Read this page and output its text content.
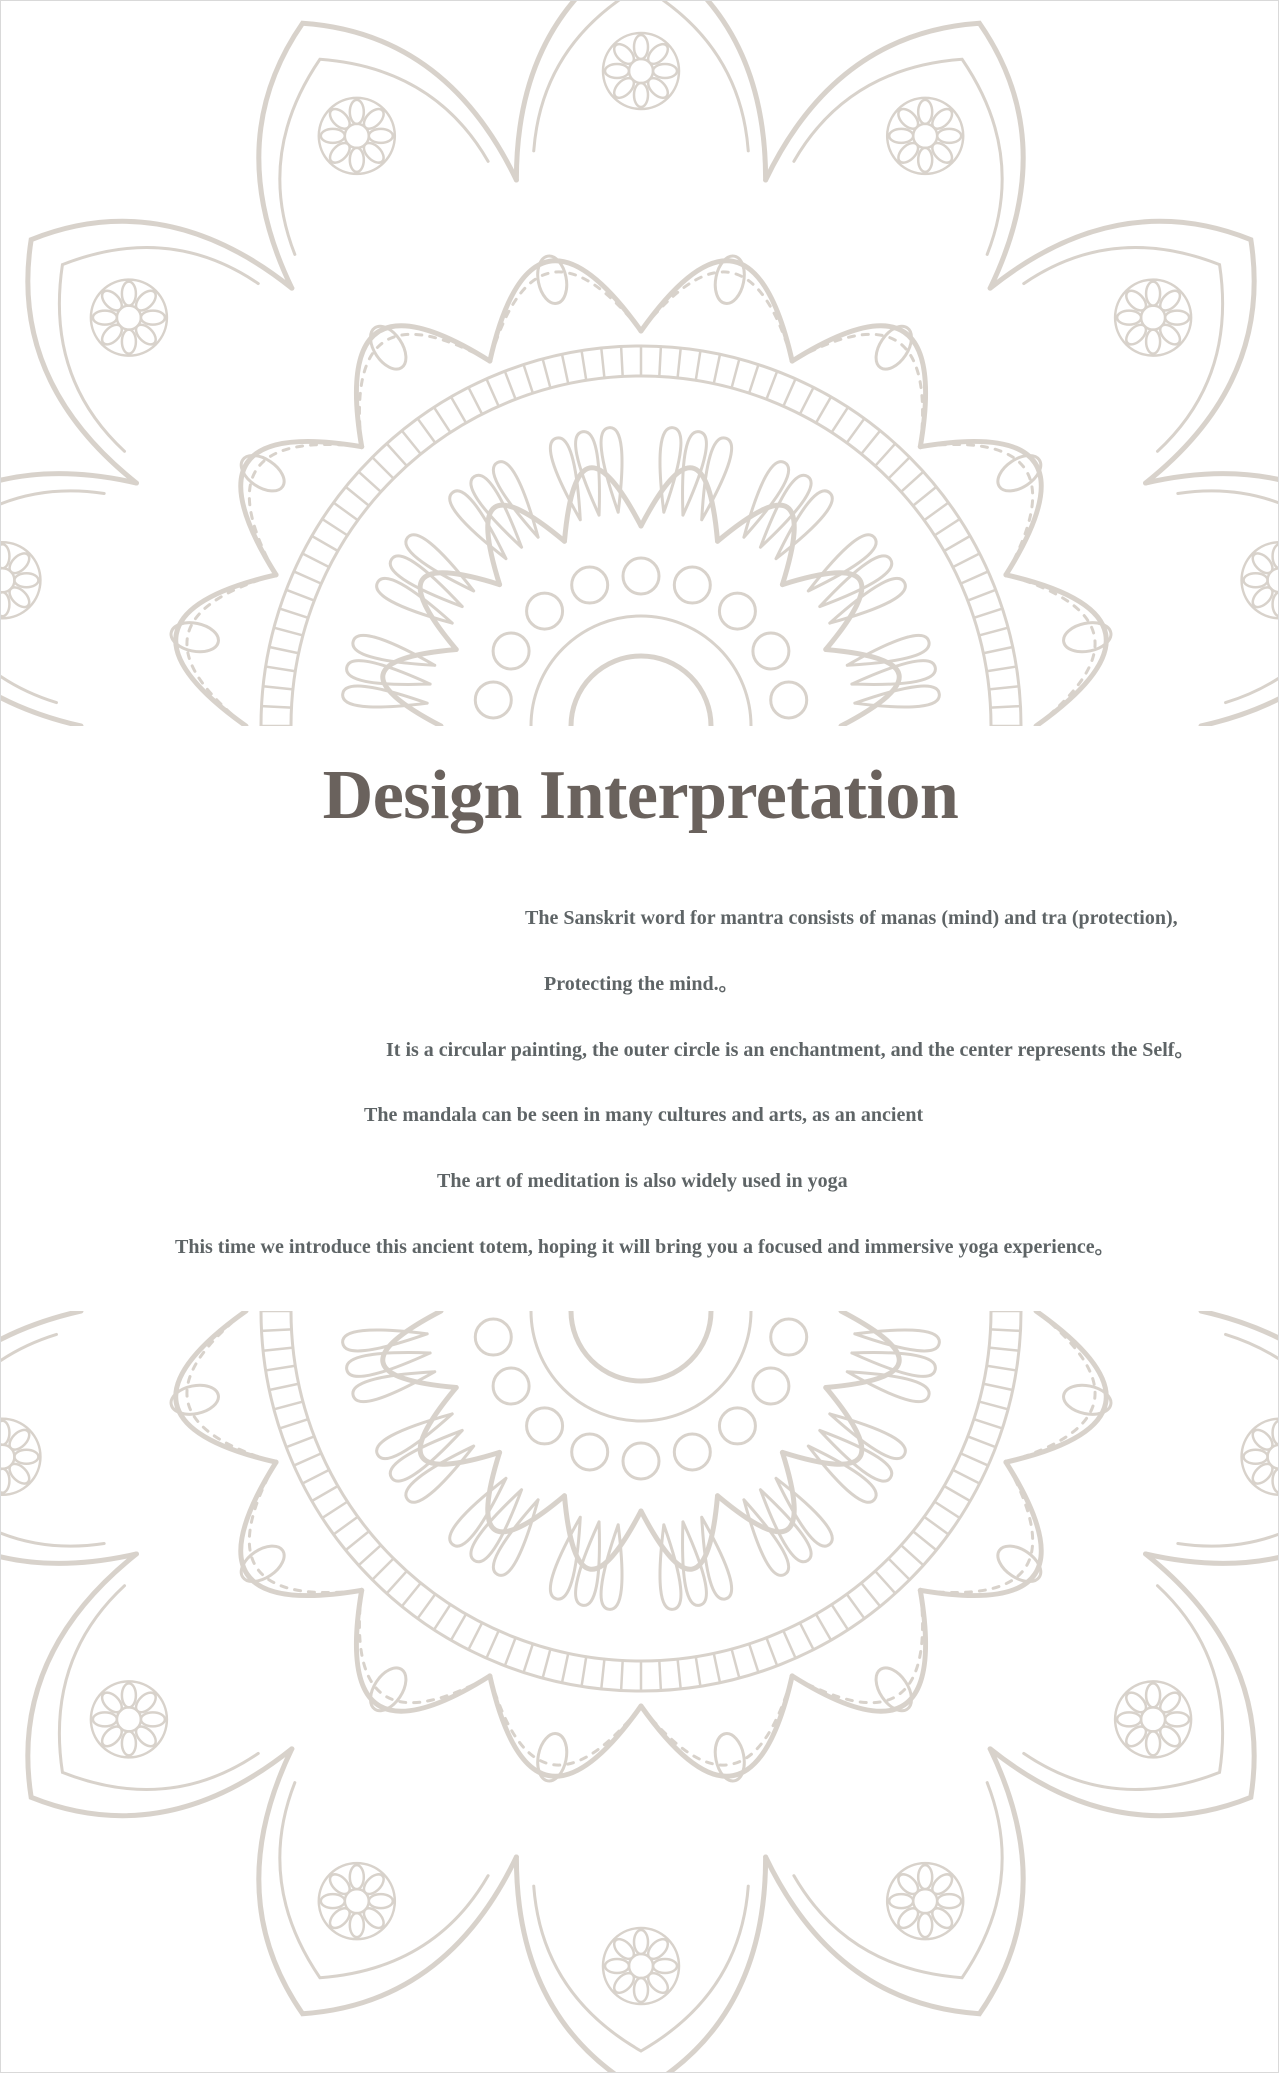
Design Interpretation

The Sanskrit word for mantra consists of manas (mind) and tra (protection),

Protecting the mind.。

It is a circular painting, the outer circle is an enchantment, and the center represents the Self。

The mandala can be seen in many cultures and arts, as an ancient

The art of meditation is also widely used in yoga

This time we introduce this ancient totem, hoping it will bring you a focused and immersive yoga experience。
